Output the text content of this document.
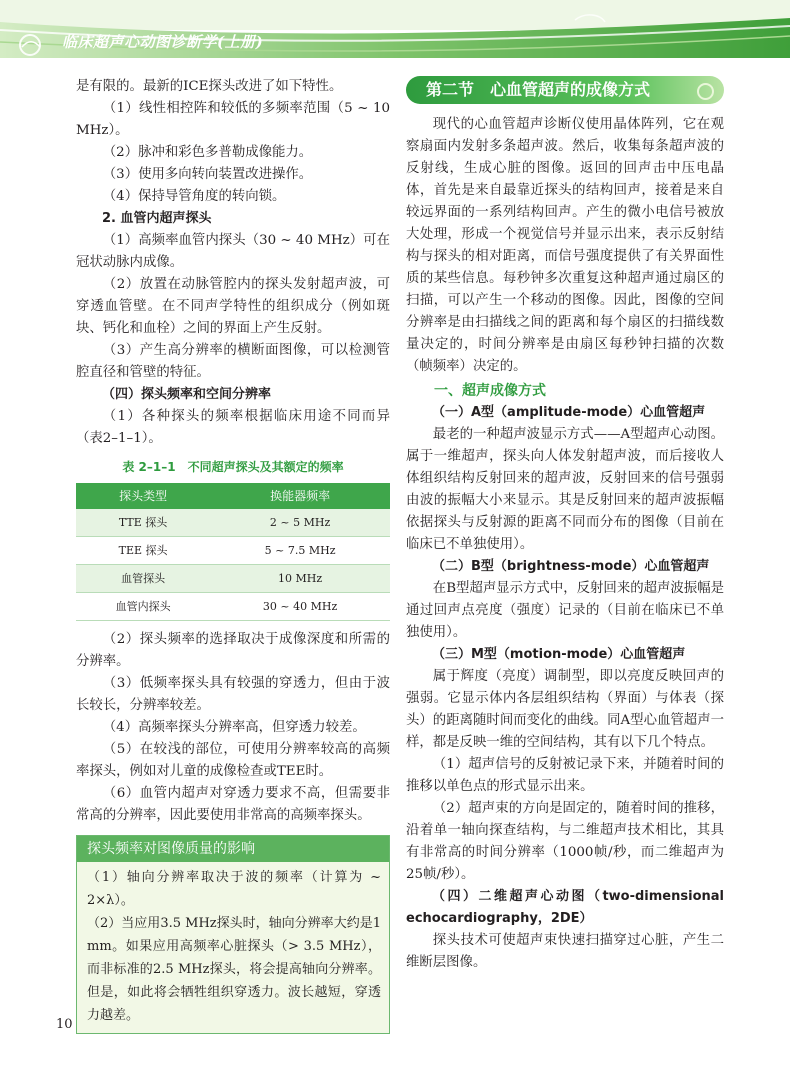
临床超声心动图诊断学(上册)

是有限的。最新的ICE探头改进了如下特性。

（1）线性相控阵和较低的多频率范围（5 ~ 10 MHz）。

（2）脉冲和彩色多普勒成像能力。

（3）使用多向转向装置改进操作。

（4）保持导管角度的转向锁。

2. 血管内超声探头

（1）高频率血管内探头（30 ~ 40 MHz）可在冠状动脉内成像。

（2）放置在动脉管腔内的探头发射超声波，可穿透血管壁。在不同声学特性的组织成分（例如斑块、钙化和血栓）之间的界面上产生反射。

（3）产生高分辨率的横断面图像，可以检测管腔直径和管壁的特征。

（四）探头频率和空间分辨率

（1）各种探头的频率根据临床用途不同而异（表2–1–1）。

表 2–1–1　不同超声探头及其额定的频率
探头类型	换能器频率
TTE 探头	2 ~ 5 MHz
TEE 探头	5 ~ 7.5 MHz
血管探头	10 MHz
血管内探头	30 ~ 40 MHz

（2）探头频率的选择取决于成像深度和所需的分辨率。

（3）低频率探头具有较强的穿透力，但由于波长较长，分辨率较差。

（4）高频率探头分辨率高，但穿透力较差。

（5）在较浅的部位，可使用分辨率较高的高频率探头，例如对儿童的成像检查或TEE时。

（6）血管内超声对穿透力要求不高，但需要非常高的分辨率，因此要使用非常高的高频率探头。

探头频率对图像质量的影响

（1）轴向分辨率取决于波的频率（计算为 ~ 2×λ）。

（2）当应用3.5 MHz探头时，轴向分辨率大约是1 mm。如果应用高频率心脏探头（> 3.5 MHz），而非标准的2.5 MHz探头，将会提高轴向分辨率。但是，如此将会牺牲组织穿透力。波长越短，穿透力越差。

第二节　心血管超声的成像方式

现代的心血管超声诊断仪使用晶体阵列，它在观察扇面内发射多条超声波。然后，收集每条超声波的反射线，生成心脏的图像。返回的回声击中压电晶体，首先是来自最靠近探头的结构回声，接着是来自较远界面的一系列结构回声。产生的微小电信号被放大处理，形成一个视觉信号并显示出来，表示反射结构与探头的相对距离，而信号强度提供了有关界面性质的某些信息。每秒钟多次重复这种超声通过扇区的扫描，可以产生一个移动的图像。因此，图像的空间分辨率是由扫描线之间的距离和每个扇区的扫描线数量决定的，时间分辨率是由扇区每秒钟扫描的次数（帧频率）决定的。

一、超声成像方式

（一）A型（amplitude-mode）心血管超声

最老的一种超声波显示方式——A型超声心动图。属于一维超声，探头向人体发射超声波，而后接收人体组织结构反射回来的超声波，反射回来的信号强弱由波的振幅大小来显示。其是反射回来的超声波振幅依据探头与反射源的距离不同而分布的图像（目前在临床已不单独使用）。

（二）B型（brightness-mode）心血管超声

在B型超声显示方式中，反射回来的超声波振幅是通过回声点亮度（强度）记录的（目前在临床已不单独使用）。

（三）M型（motion-mode）心血管超声

属于辉度（亮度）调制型，即以亮度反映回声的强弱。它显示体内各层组织结构（界面）与体表（探头）的距离随时间而变化的曲线。同A型心血管超声一样，都是反映一维的空间结构，其有以下几个特点。

（1）超声信号的反射被记录下来，并随着时间的推移以单色点的形式显示出来。

（2）超声束的方向是固定的，随着时间的推移，沿着单一轴向探查结构，与二维超声技术相比，其具有非常高的时间分辨率（1000帧/秒，而二维超声为25帧/秒）。

（四）二维超声心动图（two-dimensional echocardiography，2DE）

探头技术可使超声束快速扫描穿过心脏，产生二维断层图像。

10
